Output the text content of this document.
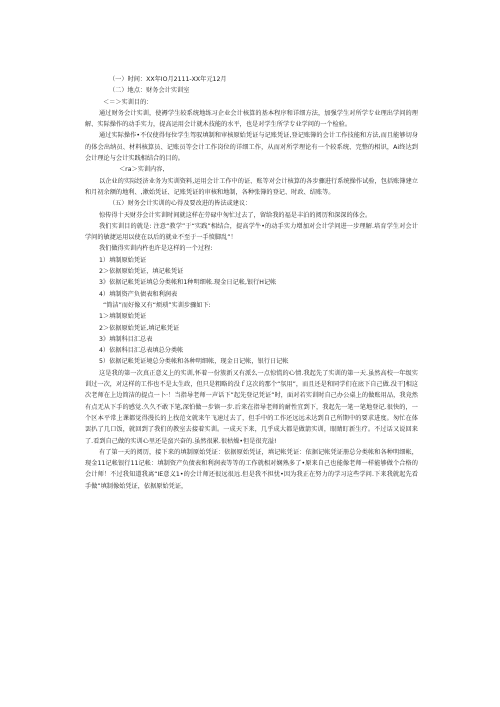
（一）时间：XX年IO月2111-XX年元12月
（二）地点：财务会计实训室
＜＝＞实训目的：
通过财务会计实训，使褥学生较系统地练习企业会计核算的基本程序和详细方法，加强学生对所学专业理出学问的理解、实际操作的动手实力，提高运用会计就木技能的水平，也是对学生所学专业学问的一个检验。
通过实际操作•不仅使得每位学生驾驭填制和审核原始凭证与记账凭证,登记账簿的会计工作技能和方法,而且能够切身的体会出纳员、材料核算员、记账员等会计工作岗位的详细工作，从而对所学理论有一个较系统、完整的相识，Ai终达到会计理论与会计实践相结合的目的。
＜ra＞实训内容,
以企业的实际经济业务为实训资料,运用会计工作中的证、账等对会计核算的各步骤进行系统操作试验，包括账簿建立和月初余额的地利、,漱始凭证、记账凭证的审核和地制，各种张簿的登记、时政、结账等。
（五）财务会计实训的心得及要改进的皆法或建议：
惊传得十天财芬会计实训时间就这样在劳碌中匆忙过去了，留给我的福是丰泊的阅历和深深的体会。
我们实训目的就是: 注意“教学”于“实践”相结合，提高学牛•的动手实力增加对会计学问进一步理解.培育学生对会计学问的敏捷运用以使在以后的就业不至于一手愤脚乱”！
我们做得实训内杵也许是这样的一个过程:
1）填制原始凭证
2＞依据原始凭证，填记帐凭证
3》依据记帐凭证填总分类帐和1种明细帐.现金日记帐,银行H记帐
4）填制资产负债表和利润表
“简洁”而好像又有“烦琐”实训步骤如下:
1＞填制原始凭证
2＞依据原始凭证,填记帐凭证
3》填制科目汇总表
4）依据科目汇总表填总分类帐
5）依据记帐凭证境总分类帐和各种明细帐，现金日记帐，银行日记帐
这是我的第一次真正意义上的实训,怀着一份簇新又有派么一点惊慌的心情.我起先了实训的第一天.虽然高校一年级实训过一次，对这样的工作也不是太生政，但只是粗略的没ｆ这次的那个“氛用”，而且还是和同学们在底下自己做.没干]相这次老师在上边简洁的提点一卜·！当指导老师一声话下”起先登记凭证”时，面对若实训时自己办公桌上的做账用品，我竟然有点无从下手的感觉.久久不敢下笔,深怕做一步镇一步.后来在指导老师的耐性宜到下，我起先一笔一笔地登记.很快的，一个区本平常上课都觉得漫长的上找范文就来午飞速过去了，但手中的工作还远远未达到自己所期中的要求进度。匆忙在体罢扒了几口饭，就回到了我们的教室去接着实训。一成天下来，几乎成大都是做箭实训，眼睛盯新生疗。不过话又说回来了.看到自己做的实训心里还是蛮兴奋的.虽然很累.很枯燥•但是很充溢!
有了第一天的阅历，接下来的填制原始凭证：依据原始凭证，填记帐凭证：依据记帐凭证册总分类帐和各种明细帐，现金11记帐银行11记帐：填制资产负债表和利润表等等的工作就相对娴熟多了•原来自己也能像老师一样能够做个合格的会计师！不过我知道我离“IE意义1•的会计师还很远很远.但是我不担忧•因为我正在努力的学习这些学问.下来我就起先看手做”填制像始凭证，依据原始凭证，
